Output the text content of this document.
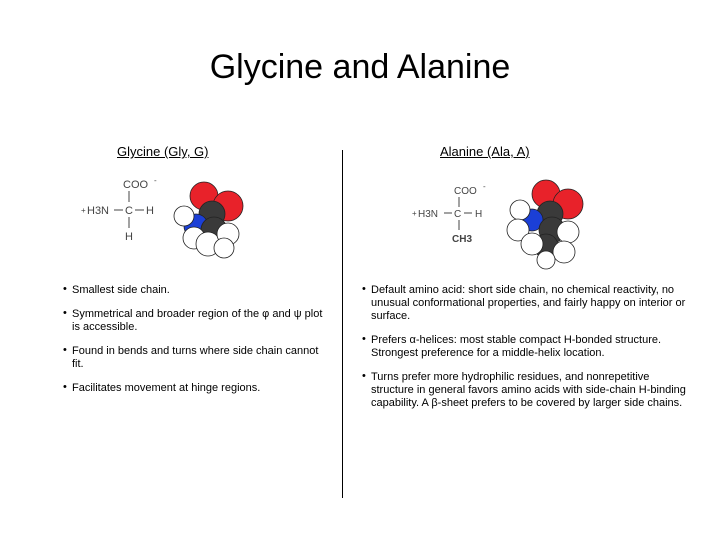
Glycine and Alanine
Glycine (Gly, G)	Alanine (Ala, A)
COO -
+ H3N C H
H
COO -
+ H3N C H
CH3
• Smallest side chain.
• Symmetrical and broader region of the φ and ψ plot is accessible.
• Found in bends and turns where side chain cannot fit.
• Facilitates movement at hinge regions.
• Default amino acid: short side chain, no chemical reactivity, no unusual conformational properties, and fairly happy on interior or surface.
• Prefers α-helices: most stable compact H-bonded structure. Strongest preference for a middle-helix location.
• Turns prefer more hydrophilic residues, and nonrepetitive structure in general favors amino acids with side-chain H-binding capability. A β-sheet prefers to be covered by larger side chains.
